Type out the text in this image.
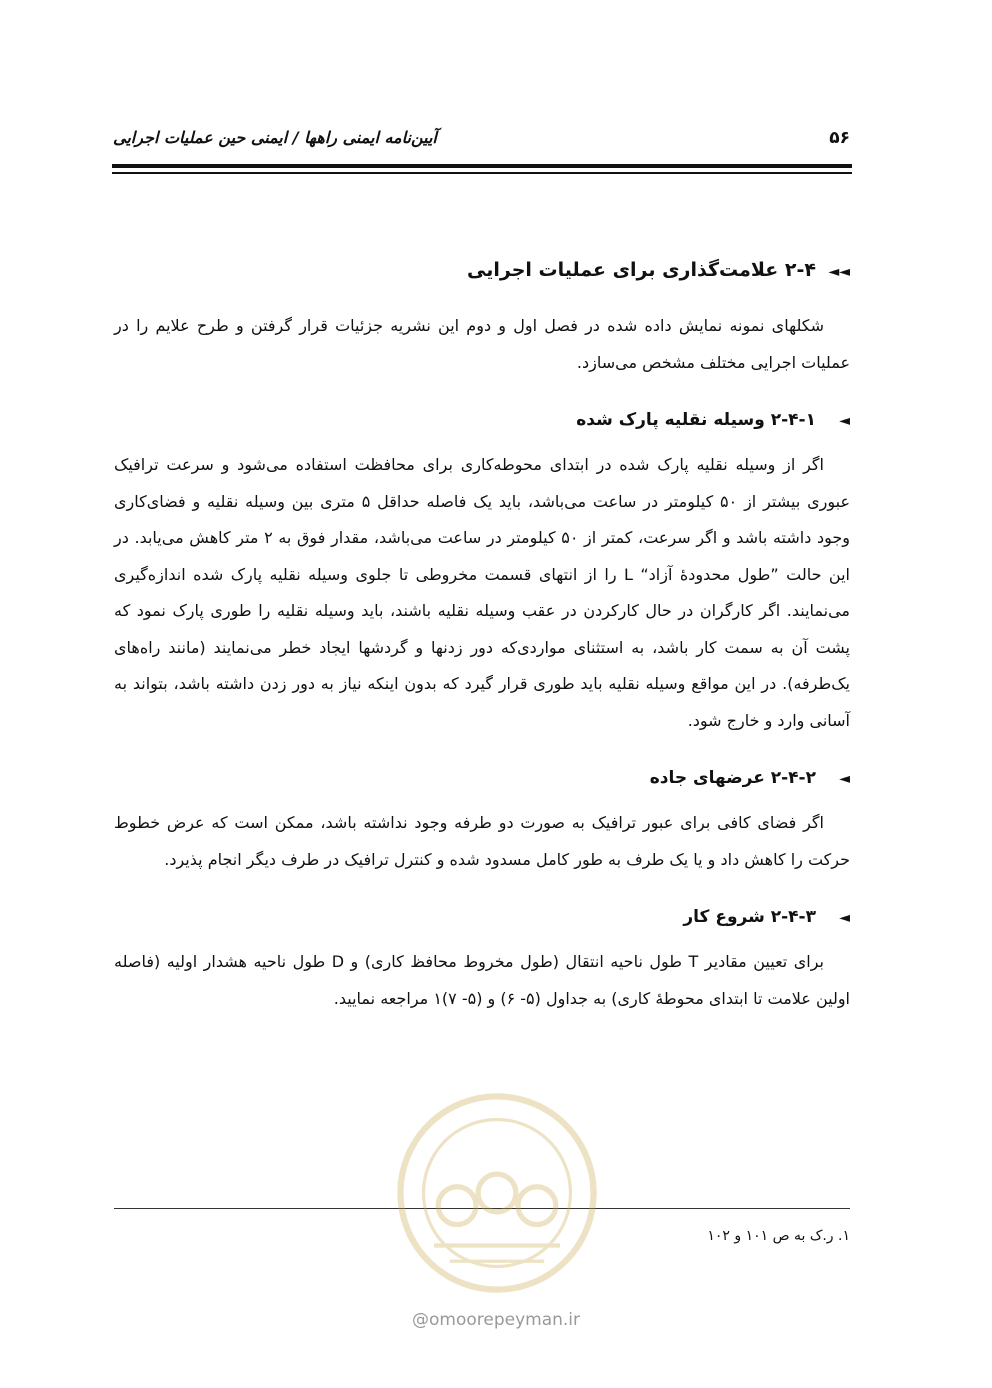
۵۶
آیین‌نامه ایمنی راهها / ایمنی حین عملیات اجرایی
◄◄۲-۴ علامت‌گذاری برای عملیات اجرایی

شکلهای نمونه نمایش داده شده در فصل اول و دوم این نشریه جزئیات قرار گرفتن و طرح علایم را در عملیات اجرایی مختلف مشخص می‌سازد.

◄۲-۴-۱ وسیله نقلیه پارک شده

اگر از وسیله نقلیه پارک شده در ابتدای محوطه‌کاری برای محافظت استفاده می‌شود و سرعت ترافیک عبوری بیشتر از ۵۰ کیلومتر در ساعت می‌باشد، باید یک فاصله حداقل ۵ متری بین وسیله نقلیه و فضای‌کاری وجود داشته باشد و اگر سرعت، کمتر از ۵۰ کیلومتر در ساعت می‌باشد، مقدار فوق به ۲ متر کاهش می‌یابد. در این حالت ”طول محدودهٔ آزاد“ L را از انتهای قسمت مخروطی تا جلوی وسیله نقلیه پارک شده اندازه‌گیری می‌نمایند. اگر کارگران در حال کارکردن در عقب وسیله نقلیه باشند، باید وسیله نقلیه را طوری پارک نمود که پشت آن به سمت کار باشد، به استثنای مواردی‌که دور زدنها و گردشها ایجاد خطر می‌نمایند (مانند راه‌های یک‌طرفه). در این مواقع وسیله نقلیه باید طوری قرار گیرد که بدون اینکه نیاز به دور زدن داشته باشد، بتواند به آسانی وارد و خارج شود.

◄۲-۴-۲ عرضهای جاده

اگر فضای کافی برای عبور ترافیک به صورت دو طرفه وجود نداشته باشد، ممکن است که عرض خطوط حرکت را کاهش داد و یا یک طرف به طور کامل مسدود شده و کنترل ترافیک در طرف دیگر انجام پذیرد.

◄۲-۴-۳ شروع کار

برای تعیین مقادیر T طول ناحیه انتقال (طول مخروط محافظ کاری) و D طول ناحیه هشدار اولیه (فاصله اولین علامت تا ابتدای محوطهٔ کاری) به جداول (۵- ۶) و (۵- ۷)۱ مراجعه نمایید.

۱. ر.ک به ص ۱۰۱ و ۱۰۲
@omoorepeyman.ir
